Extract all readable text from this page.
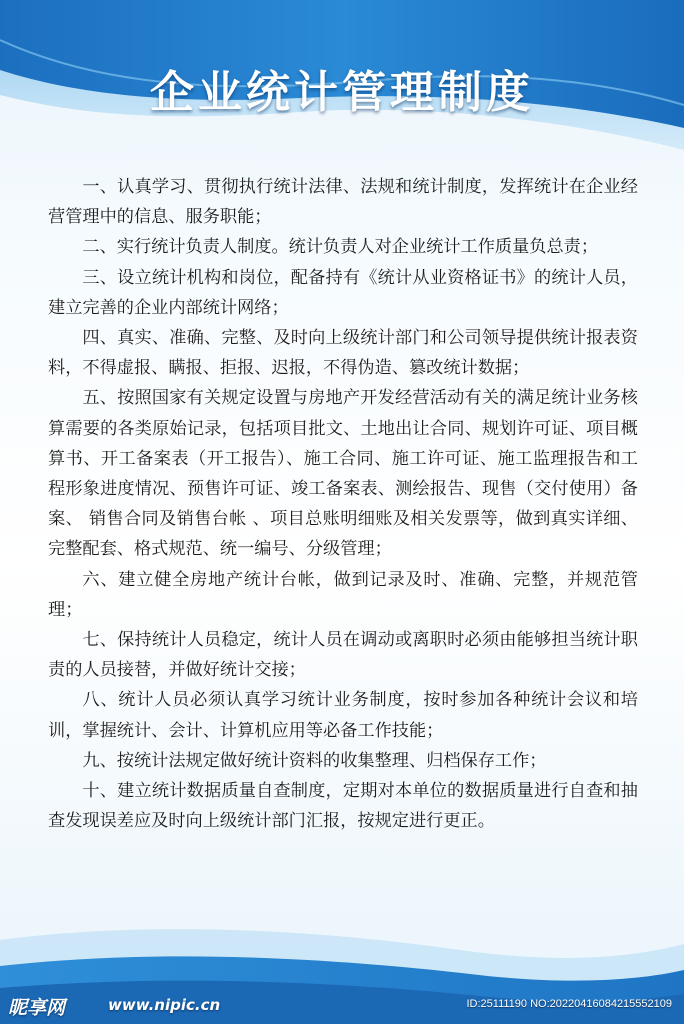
企业统计管理制度

一、认真学习、贯彻执行统计法律、法规和统计制度，发挥统计在企业经营管理中的信息、服务职能；

二、实行统计负责人制度。统计负责人对企业统计工作质量负总责；

三、设立统计机构和岗位，配备持有《统计从业资格证书》的统计人员，建立完善的企业内部统计网络；

四、真实、准确、完整、及时向上级统计部门和公司领导提供统计报表资料，不得虚报、瞒报、拒报、迟报，不得伪造、篡改统计数据；

五、按照国家有关规定设置与房地产开发经营活动有关的满足统计业务核算需要的各类原始记录，包括项目批文、土地出让合同、规划许可证、项目概算书、开工备案表（开工报告）、施工合同、施工许可证、施工监理报告和工程形象进度情况、预售许可证、竣工备案表、测绘报告、现售（交付使用）备案、 销售合同及销售台帐 、项目总账明细账及相关发票等，做到真实详细、完整配套、格式规范、统一编号、分级管理；

六、建立健全房地产统计台帐，做到记录及时、准确、完整，并规范管理；

七、保持统计人员稳定，统计人员在调动或离职时必须由能够担当统计职责的人员接替，并做好统计交接；

八、统计人员必须认真学习统计业务制度，按时参加各种统计会议和培训，掌握统计、会计、计算机应用等必备工作技能；

九、按统计法规定做好统计资料的收集整理、归档保存工作；

十、建立统计数据质量自查制度，定期对本单位的数据质量进行自查和抽查发现误差应及时向上级统计部门汇报，按规定进行更正。

昵享网	www.nipic.cn	ID:25111190 NO:20220416084215552109
